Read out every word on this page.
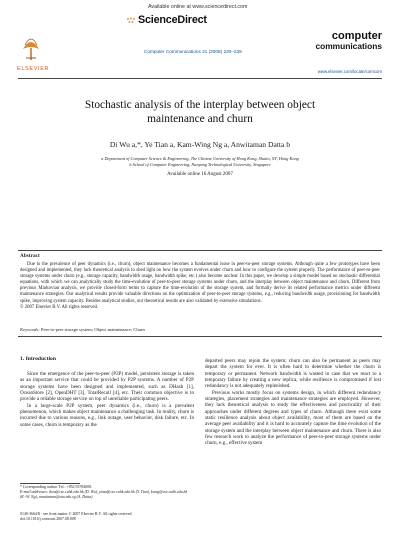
Available online at www.sciencedirect.com
ScienceDirect
ELSEVIER
Computer Communications 31 (2008) 220–239
computer
communications
www.elsevier.com/locate/comcom
Stochastic analysis of the interplay between object
maintenance and churn
Di Wu a,*, Ye Tian a, Kam-Wing Ng a, Anwitaman Datta b
a Department of Computer Science & Engineering, The Chinese University of Hong Kong, Shatin, NT, Hong Kong
b School of Computer Engineering, Nanyang Technological University, Singapore
Available online 16 August 2007
Abstract

Due to the prevalence of peer dynamics (i.e., churn), object maintenance becomes a fundamental issue in peer-to-peer storage systems. Although quite a few prototypes have been designed and implemented, they lack theoretical analysis to shed light on how the system evolves under churn and how to configure the system properly. The performance of peer-to-peer storage systems under churn (e.g., storage capacity, bandwidth usage, bandwidth spike, etc.) also become unclear. In this paper, we develop a simple model based on stochastic differential equations, with which we can analytically study the time-evolution of peer-to-peer storage systems under churn, and the interplay between object maintenance and churn. Different from previous Markovian analysis, we provide closed-form terms to capture the time-evolution of the storage system, and formally derive its related performance metrics under different maintenance strategies. Our analytical results provide valuable directions on the optimization of peer-to-peer storage systems, e.g., reducing bandwidth usage, provisioning for bandwidth spike, improving system capacity. Besides analytical studies, our theoretical results are also validated by extensive simulations.

© 2007 Elsevier B.V. All rights reserved.

Keywords: Peer-to-peer storage system; Object maintenance; Churn
1. Introduction

Since the emergence of the peer-to-peer (P2P) model, persistent storage is taken as an important service that could be provided by P2P systems. A number of P2P storage systems have been designed and implemented, such as DHash [1], OceanStore [2], OpenDHT [3], TotalRecall [4], etc. Their common objective is to provide a reliable storage service on top of unreliable participating peers.

In a large-scale P2P system, peer dynamics (i.e., churn) is a prevalent phenomenon, which makes object maintenance a challenging task. In reality, churn is incurred due to various reasons, e.g., link outage, user behavior, disk failure, etc. In some cases, churn is temporary as the

* Corresponding author. Tel.: +852 93784008.
E-mail addresses: dwu@cse.cuhk.edu.hk (D. Wu), ytian@cse.cuhk.edu.hk (Y. Tian), kwng@cse.cuhk.edu.hk (K.-W. Ng), anwitaman@ntu.edu.sg (A. Datta).
0140-3664/$ - see front matter © 2007 Elsevier B.V. All rights reserved.
doi:10.1016/j.comcom.2007.08.008

departed peers may rejoin the system; churn can also be permanent as peers may depart the system for ever. It is often hard to determine whether the churn is temporary or permanent. Network bandwidth is wasted in case that we react to a temporary failure by creating a new replica, while resilience is compromised if lost redundancy is not adequately replenished.

Previous works mostly focus on systems design, in which different redundancy strategies, placement strategies and maintenance strategies are employed. However, they lack theoretical analysis to study the effectiveness and practicality of their approaches under different degrees and types of churn. Although there exist some static resilience analysis about object availability, most of them are based on the average peer availability and it is hard to accurately capture the time evolution of the storage system and the interplay between object maintenance and churn. There is also few research work to analyze the performance of peer-to-peer storage systems under churn, e.g., effective system
